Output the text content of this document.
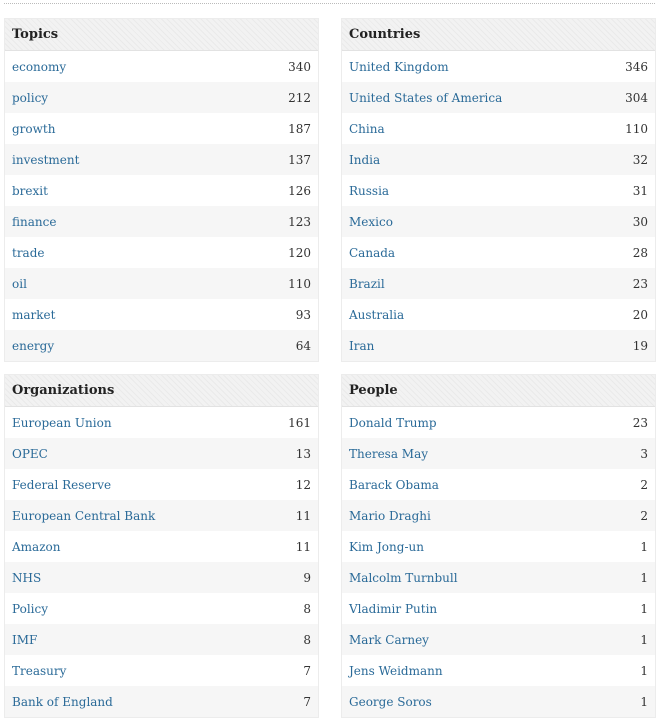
Topics
economy	340
policy	212
growth	187
investment	137
brexit	126
finance	123
trade	120
oil	110
market	93
energy	64
Countries
United Kingdom	346
United States of America	304
China	110
India	32
Russia	31
Mexico	30
Canada	28
Brazil	23
Australia	20
Iran	19
Organizations
European Union	161
OPEC	13
Federal Reserve	12
European Central Bank	11
Amazon	11
NHS	9
Policy	8
IMF	8
Treasury	7
Bank of England	7
People
Donald Trump	23
Theresa May	3
Barack Obama	2
Mario Draghi	2
Kim Jong-un	1
Malcolm Turnbull	1
Vladimir Putin	1
Mark Carney	1
Jens Weidmann	1
George Soros	1
